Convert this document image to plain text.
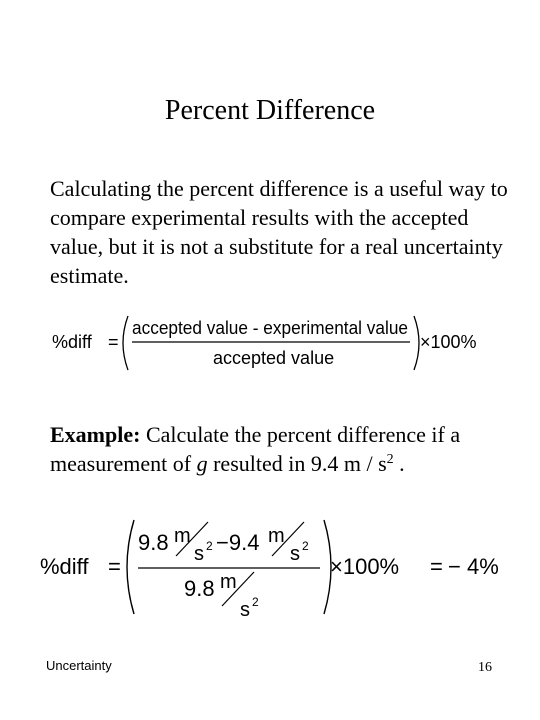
Percent Difference
Calculating the percent difference is a useful way to compare experimental results with the accepted value, but it is not a substitute for a real uncertainty estimate.
%diff =
accepted value - experimental value
accepted value
×100%
Example: Calculate the percent difference if a measurement of g resulted in 9.4 m / $s^2$ .
%diff =
9.8 m
s 2 −9.4 m
s 2
9.8 m
s 2
×100% = − 4%
Uncertainty	16
